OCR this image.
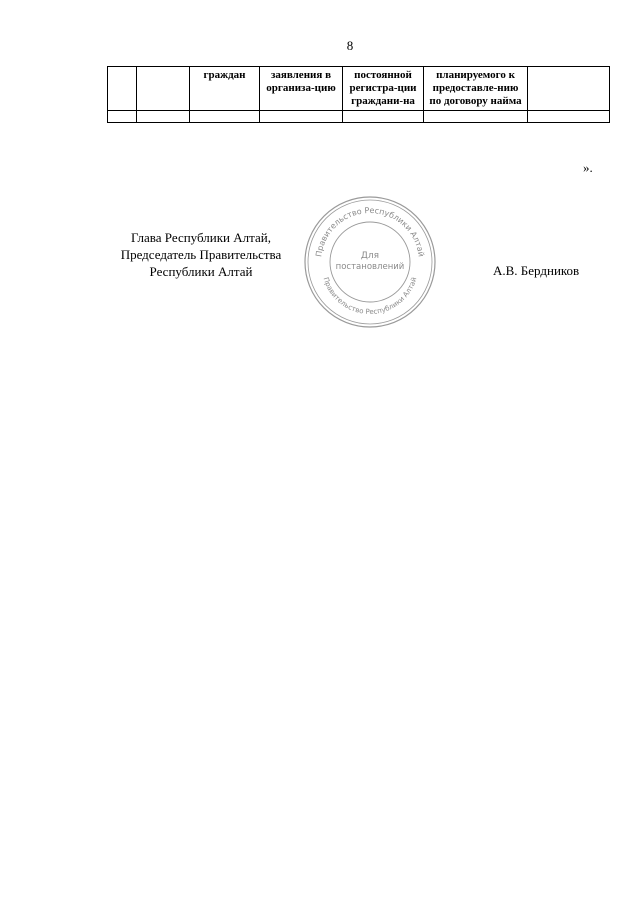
8
		граждан	заявления в организа-цию	постоянной регистра-ции граждани-на	планируемого к предоставле-нию по договору найма	

».
Глава Республики Алтай,
Председатель Правительства
Республики Алтай
Правительство Республики Алтай
Правительство Республики Алтай
Для
постановлений	А.В. Бердников
